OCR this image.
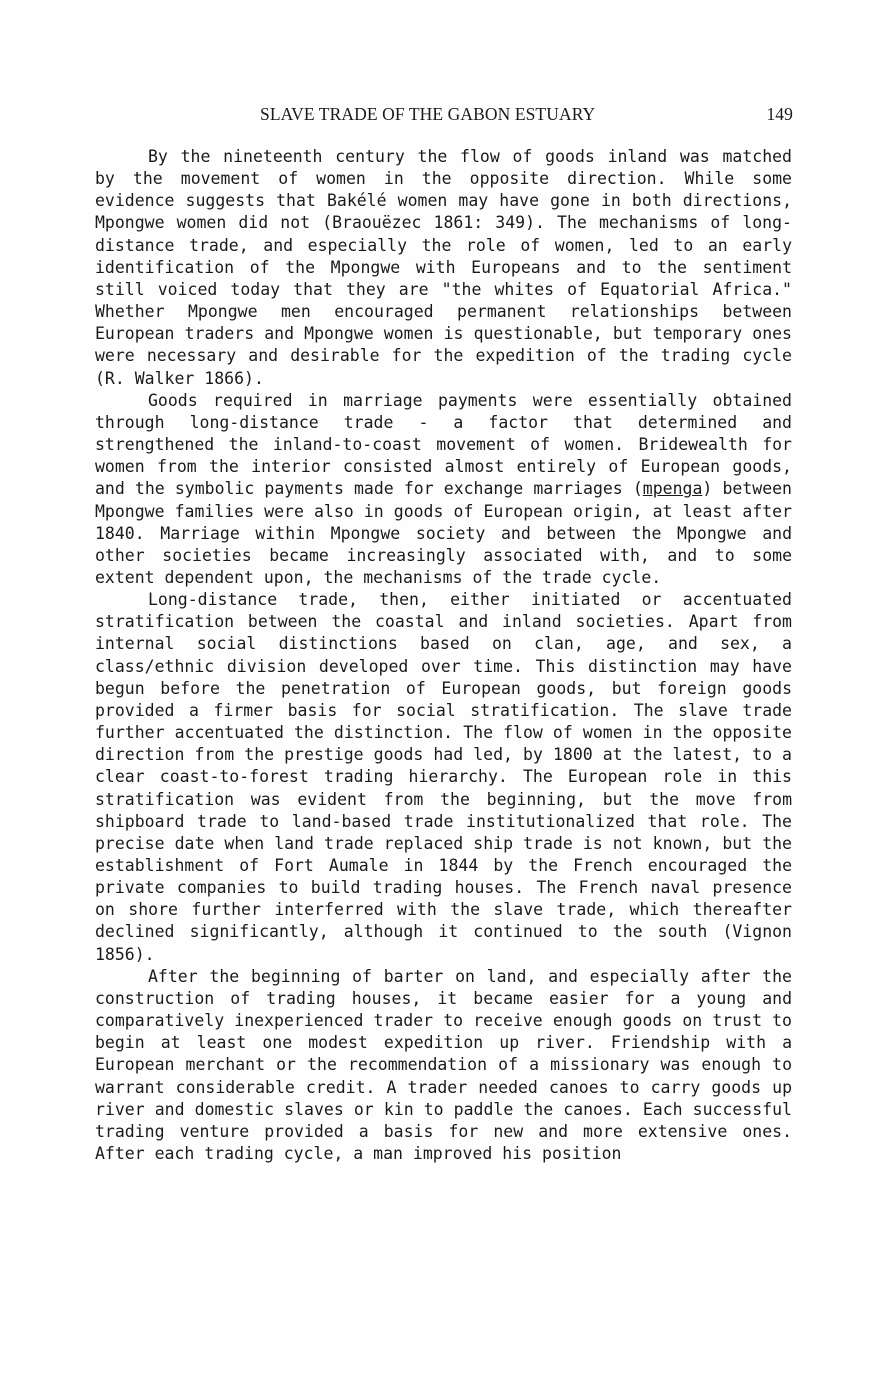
SLAVE TRADE OF THE GABON ESTUARY	149

By the nineteenth century the flow of goods inland was matched by the movement of women in the opposite direction. While some evidence suggests that Bakélé women may have gone in both directions, Mpongwe women did not (Braouëzec 1861: 349). The mechanisms of long-distance trade, and especially the role of women, led to an early identification of the Mpongwe with Europeans and to the sentiment still voiced today that they are "the whites of Equatorial Africa." Whether Mpongwe men encouraged permanent relationships between European traders and Mpongwe women is questionable, but temporary ones were necessary and desirable for the expedition of the trading cycle (R. Walker 1866).

Goods required in marriage payments were essentially obtained through long-distance trade - a factor that determined and strengthened the inland-to-coast movement of women. Bridewealth for women from the interior consisted almost entirely of European goods, and the symbolic payments made for exchange marriages (mpenga) between Mpongwe families were also in goods of European origin, at least after 1840. Marriage within Mpongwe society and between the Mpongwe and other societies became increasingly associated with, and to some extent dependent upon, the mechanisms of the trade cycle.

Long-distance trade, then, either initiated or accentuated stratification between the coastal and inland societies. Apart from internal social distinctions based on clan, age, and sex, a class/ethnic division developed over time. This distinction may have begun before the penetration of European goods, but foreign goods provided a firmer basis for social stratification. The slave trade further accentuated the distinction. The flow of women in the opposite direction from the prestige goods had led, by 1800 at the latest, to a clear coast-to-forest trading hierarchy. The European role in this stratification was evident from the beginning, but the move from shipboard trade to land-based trade institutionalized that role. The precise date when land trade replaced ship trade is not known, but the establishment of Fort Aumale in 1844 by the French encouraged the private companies to build trading houses. The French naval presence on shore further interferred with the slave trade, which thereafter declined significantly, although it continued to the south (Vignon 1856).

After the beginning of barter on land, and especially after the construction of trading houses, it became easier for a young and comparatively inexperienced trader to receive enough goods on trust to begin at least one modest expedition up river. Friendship with a European merchant or the recommendation of a missionary was enough to warrant considerable credit. A trader needed canoes to carry goods up river and domestic slaves or kin to paddle the canoes. Each successful trading venture provided a basis for new and more extensive ones. After each trading cycle, a man improved his position
